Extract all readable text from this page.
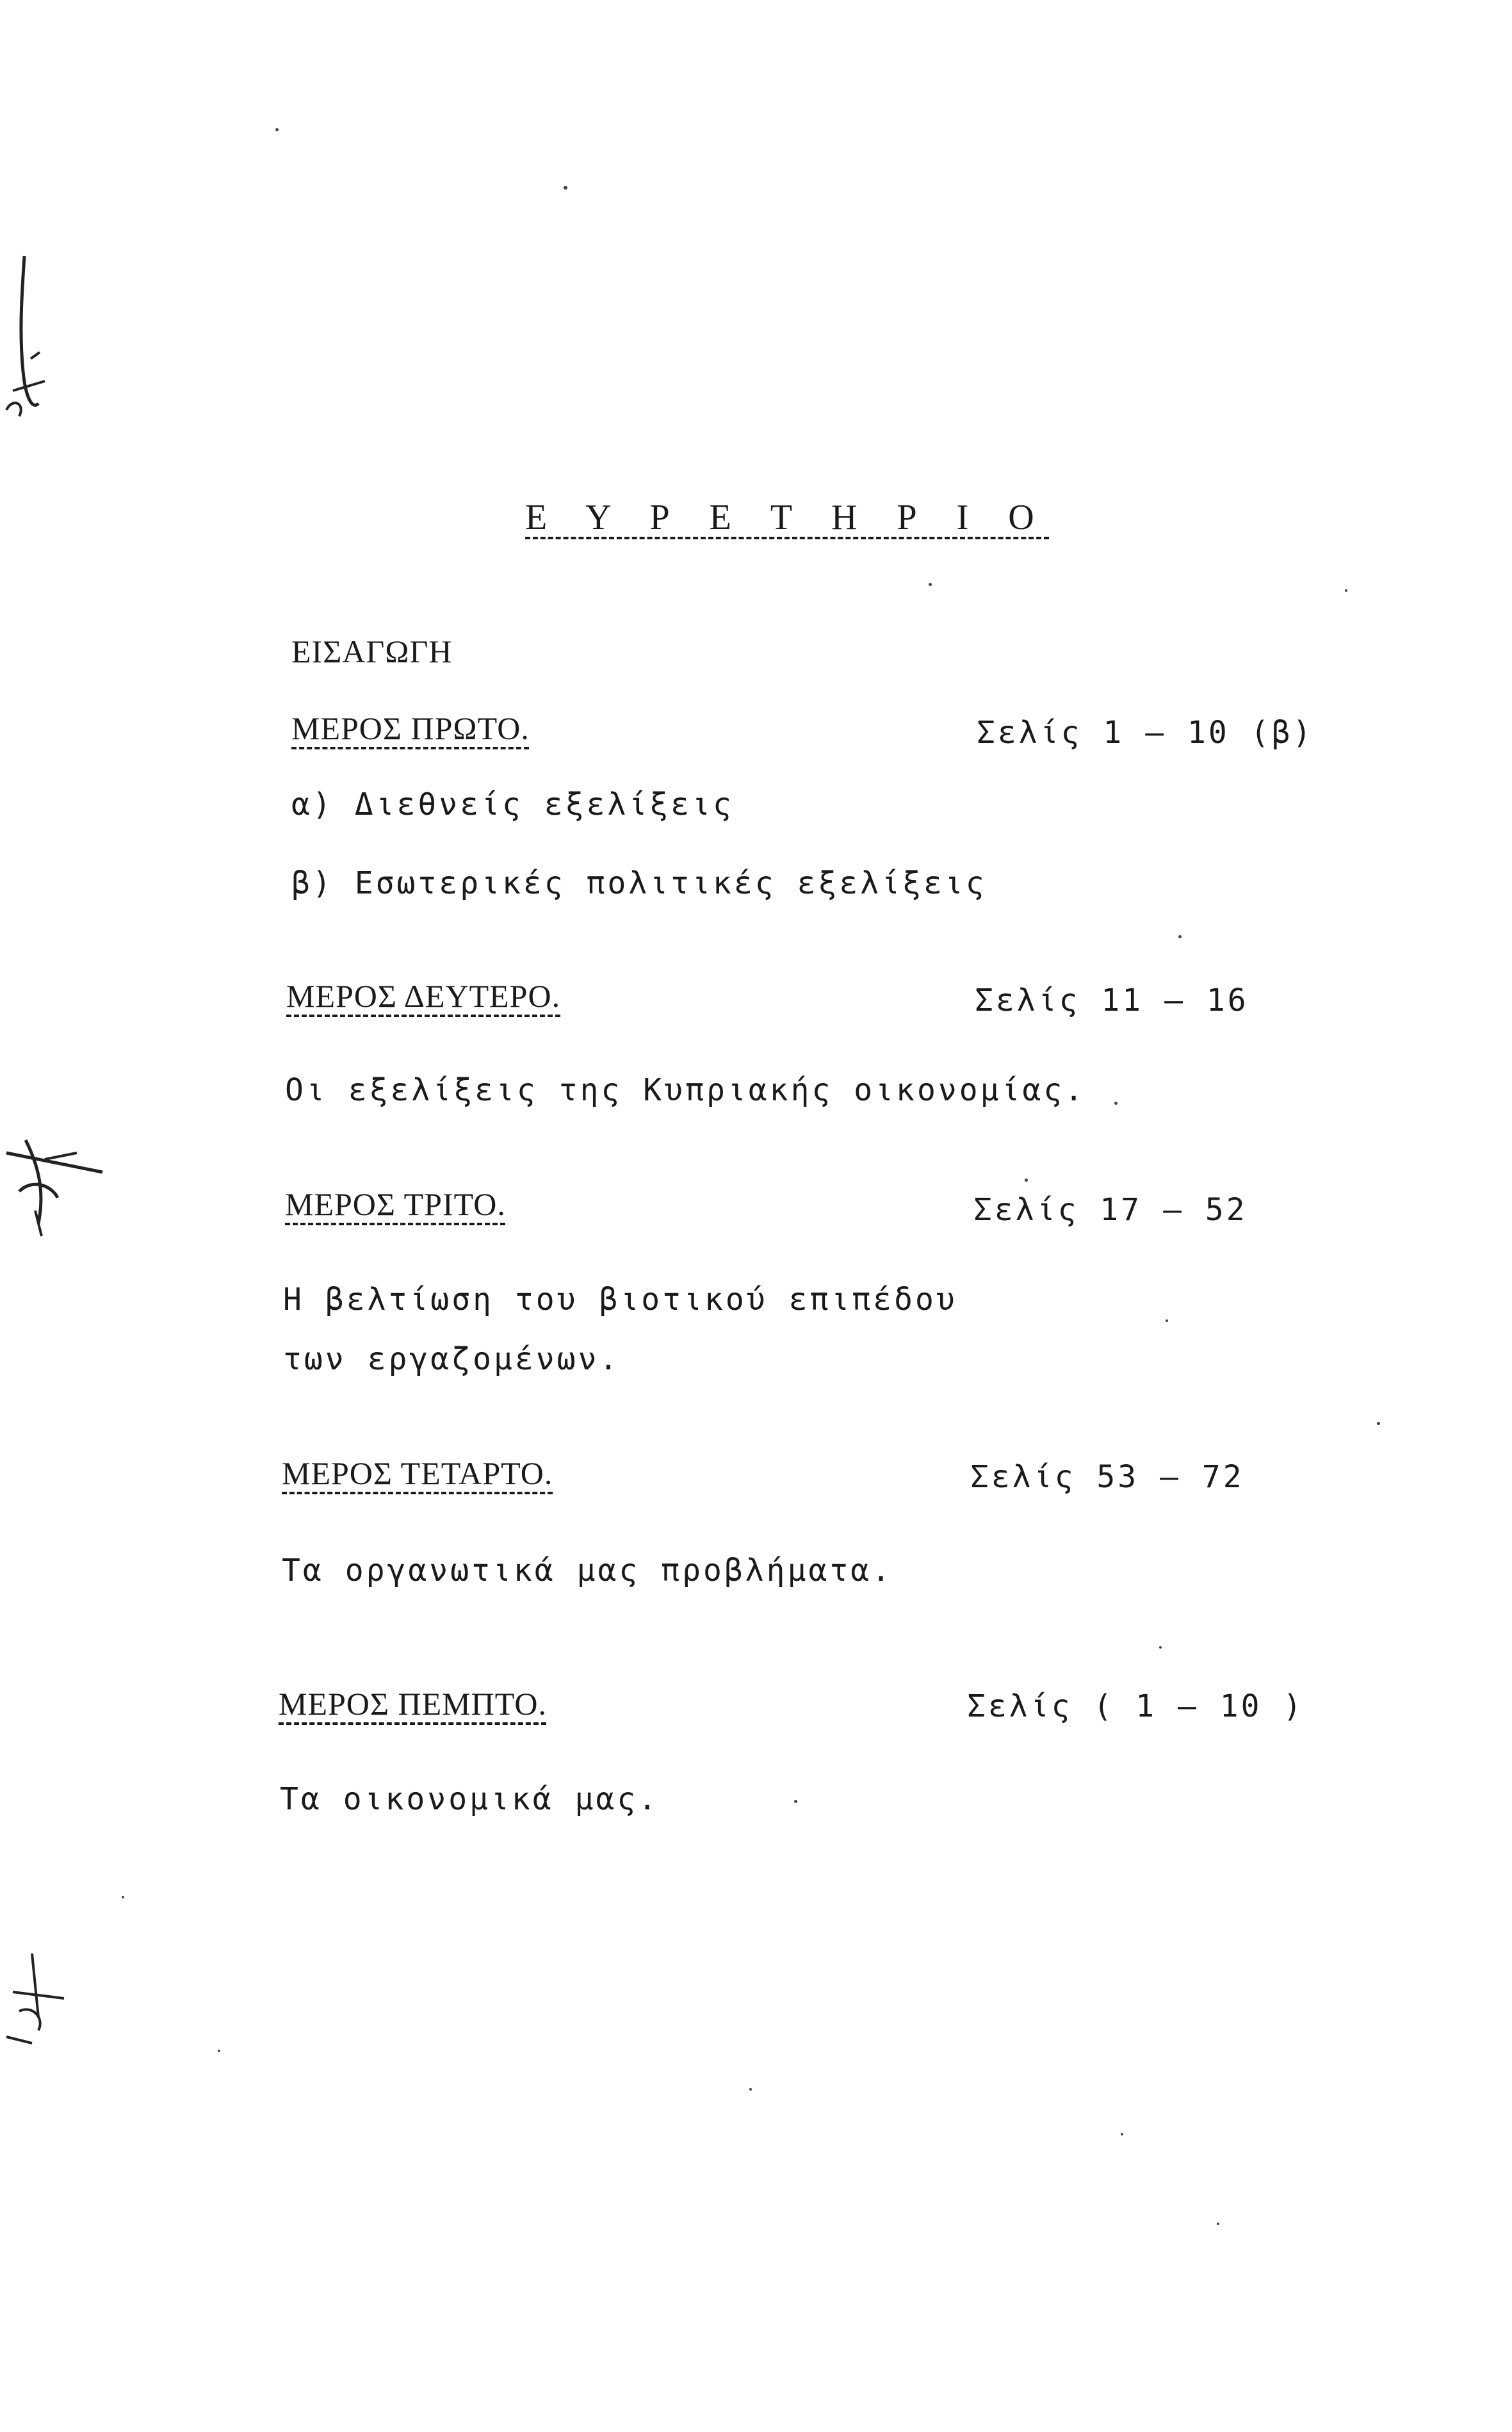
Ε Υ Ρ Ε Τ Η Ρ Ι Ο
ΕΙΣΑΓΩΓΗ
ΜΕΡΟΣ ΠΡΩΤΟ.	Σελίς 1 – 10 (β)
α) Διεθνείς εξελίξεις
β) Εσωτερικές πολιτικές εξελίξεις
ΜΕΡΟΣ ΔΕΥΤΕΡΟ.	Σελίς 11 – 16
Οι εξελίξεις της Κυπριακής οικονομίας.
ΜΕΡΟΣ ΤΡΙΤΟ.	Σελίς 17 – 52
Η βελτίωση του βιοτικού επιπέδου
των εργαζομένων.
ΜΕΡΟΣ ΤΕΤΑΡΤΟ.	Σελίς 53 – 72
Τα οργανωτικά μας προβλήματα.
ΜΕΡΟΣ ΠΕΜΠΤΟ.	Σελίς ( 1 – 10 )
Τα οικονομικά μας.
